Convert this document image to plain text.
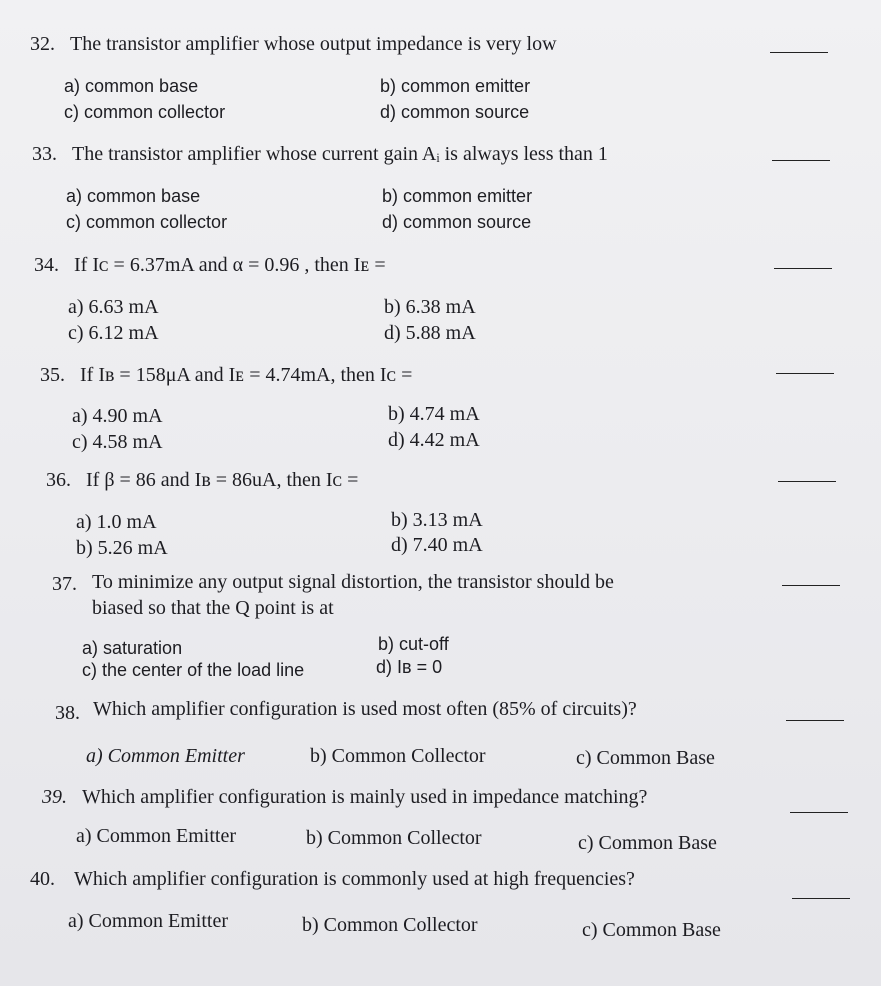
32. The transistor amplifier whose output impedance is very low
a) common base	b) common emitter
c) common collector	d) common source
33. The transistor amplifier whose current gain Aᵢ is always less than 1
a) common base	b) common emitter
c) common collector	d) common source
34. If Iᴄ = 6.37mA and α = 0.96 , then Iᴇ =
a) 6.63 mA	b) 6.38 mA
c) 6.12 mA	d) 5.88 mA
35. If Iʙ = 158μA and Iᴇ = 4.74mA, then Iᴄ =
a) 4.90 mA	b) 4.74 mA
c) 4.58 mA	d) 4.42 mA
36. If β = 86 and Iʙ = 86uA, then Iᴄ =
a) 1.0 mA	b) 3.13 mA
b) 5.26 mA	d) 7.40 mA
37. To minimize any output signal distortion, the transistor should be
biased so that the Q point is at
a) saturation	b) cut-off
c) the center of the load line	d) Iʙ = 0
38. Which amplifier configuration is used most often (85% of circuits)?
a) Common Emitter	b) Common Collector	c) Common Base
39. Which amplifier configuration is mainly used in impedance matching?
a) Common Emitter	b) Common Collector	c) Common Base
40. Which amplifier configuration is commonly used at high frequencies?
a) Common Emitter	b) Common Collector	c) Common Base
